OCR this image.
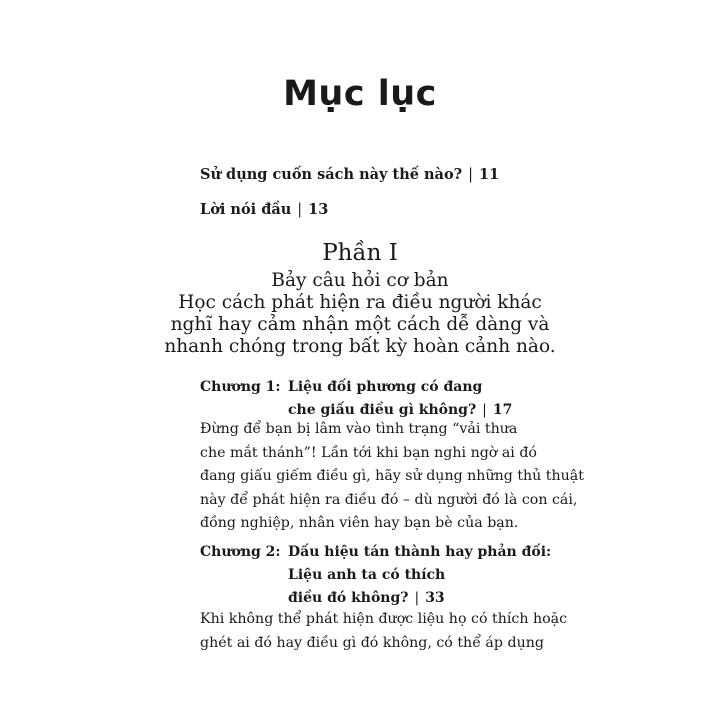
Mục lục
Sử dụng cuốn sách này thế nào? | 11
Lời nói đầu | 13
Phần I
Bảy câu hỏi cơ bản
Học cách phát hiện ra điều người khác
nghĩ hay cảm nhận một cách dễ dàng và
nhanh chóng trong bất kỳ hoàn cảnh nào.
Chương 1: Liệu đối phương có đang
che giấu điều gì không? | 17
Đừng để bạn bị lâm vào tình trạng “vải thưa
che mắt thánh”! Lần tới khi bạn nghi ngờ ai đó
đang giấu giếm điều gì, hãy sử dụng những thủ thuật
này để phát hiện ra điều đó – dù người đó là con cái,
đồng nghiệp, nhân viên hay bạn bè của bạn.
Chương 2: Dấu hiệu tán thành hay phản đối:
Liệu anh ta có thích
điều đó không? | 33
Khi không thể phát hiện được liệu họ có thích hoặc
ghét ai đó hay điều gì đó không, có thể áp dụng
